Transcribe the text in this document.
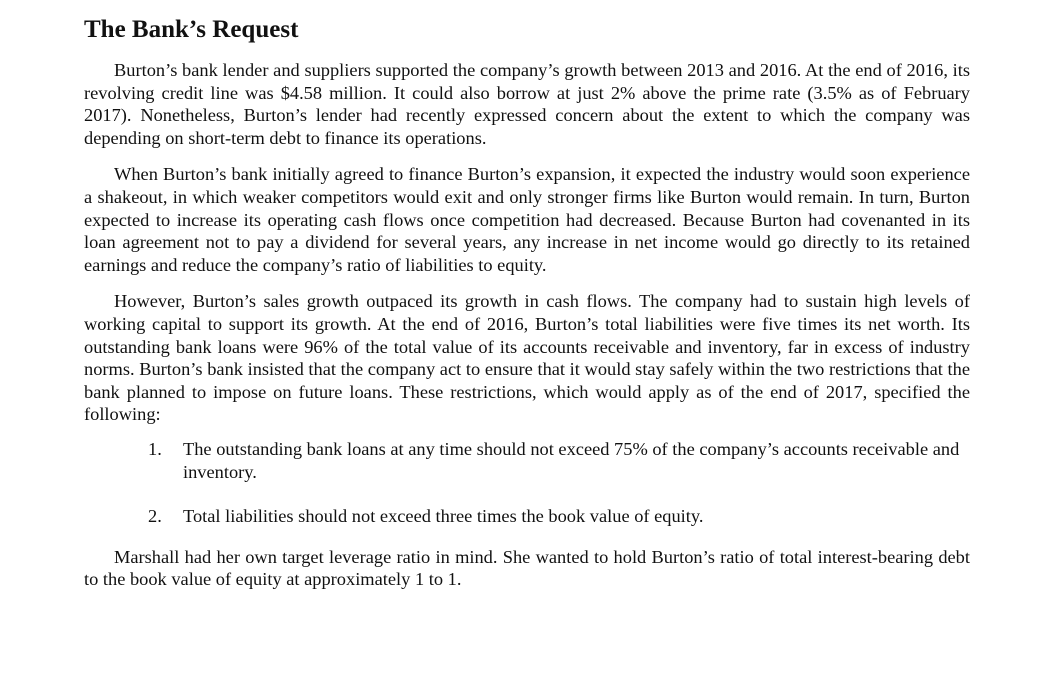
The Bank’s Request

Burton’s bank lender and suppliers supported the company’s growth between 2013 and 2016. At the end of 2016, its revolving credit line was $4.58 million. It could also borrow at just 2% above the prime rate (3.5% as of February 2017). Nonetheless, Burton’s lender had recently expressed concern about the extent to which the company was depending on short-term debt to finance its operations.

When Burton’s bank initially agreed to finance Burton’s expansion, it expected the industry would soon experience a shakeout, in which weaker competitors would exit and only stronger firms like Burton would remain. In turn, Burton expected to increase its operating cash flows once competition had decreased. Because Burton had covenanted in its loan agreement not to pay a dividend for several years, any increase in net income would go directly to its retained earnings and reduce the company’s ratio of liabilities to equity.

However, Burton’s sales growth outpaced its growth in cash flows. The company had to sustain high levels of working capital to support its growth. At the end of 2016, Burton’s total liabilities were five times its net worth. Its outstanding bank loans were 96% of the total value of its accounts receivable and inventory, far in excess of industry norms. Burton’s bank insisted that the company act to ensure that it would stay safely within the two restrictions that the bank planned to impose on future loans. These restrictions, which would apply as of the end of 2017, specified the following:

1. The outstanding bank loans at any time should not exceed 75% of the company’s accounts receivable and inventory.
2. Total liabilities should not exceed three times the book value of equity.

Marshall had her own target leverage ratio in mind. She wanted to hold Burton’s ratio of total interest-bearing debt to the book value of equity at approximately 1 to 1.
